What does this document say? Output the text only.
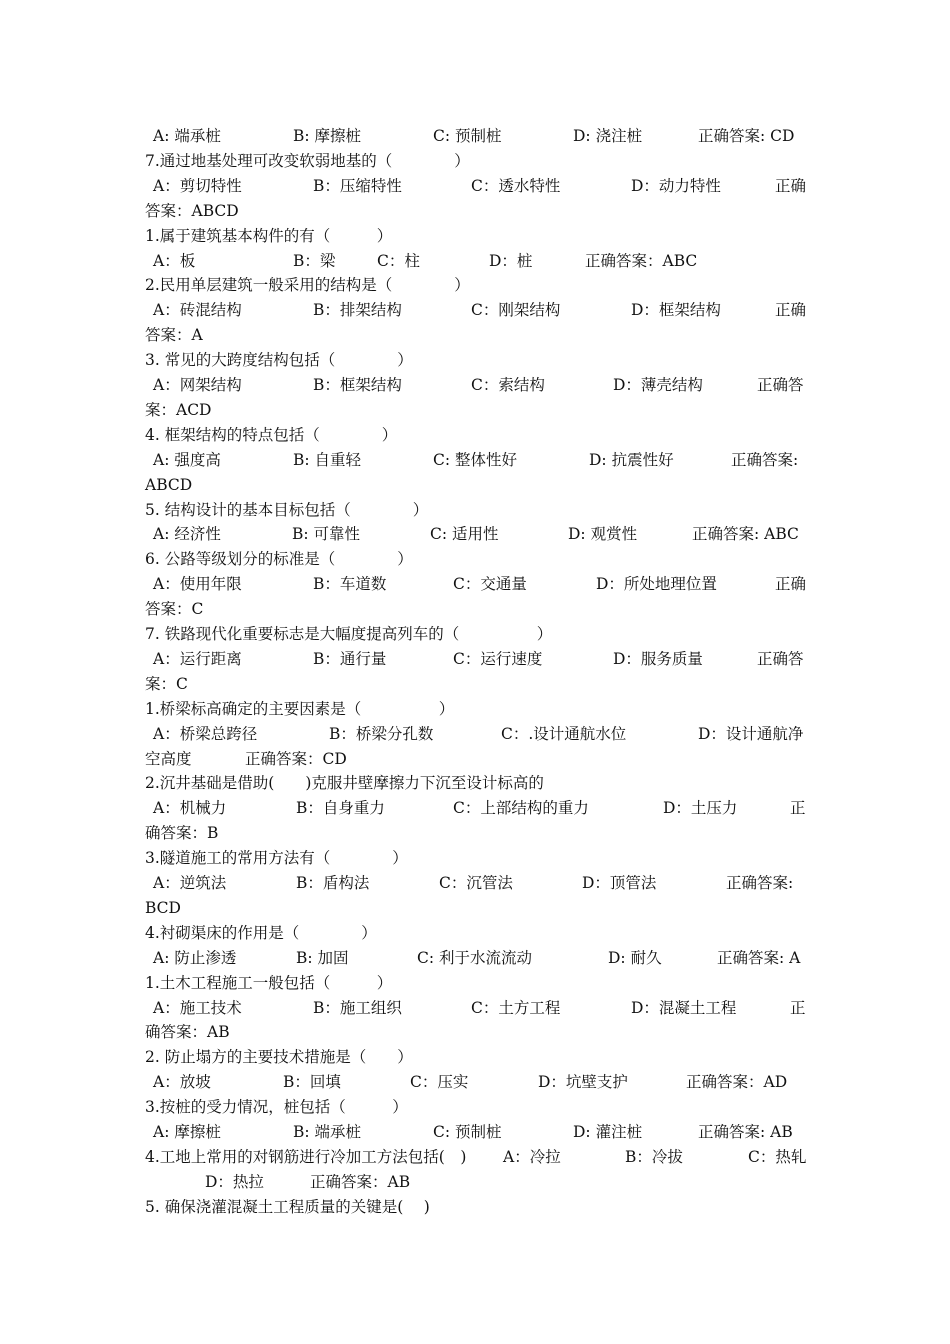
A: 端承桩	B: 摩擦桩	C: 预制桩	D: 浇注桩	正确答案: CD
7.通过地基处理可改变软弱地基的（　　　　）
A：剪切特性	B：压缩特性	C：透水特性	D：动力特性	正确
答案：ABCD
1.属于建筑基本构件的有（　　　）
A：板	B：梁	C：柱	D：桩	正确答案：ABC
2.民用单层建筑一般采用的结构是（　　　　）
A：砖混结构	B：排架结构	C：刚架结构	D：框架结构	正确
答案：A
3. 常见的大跨度结构包括（　　　　）
A：网架结构	B：框架结构	C：索结构	D：薄壳结构	正确答
案：ACD
4. 框架结构的特点包括（　　　　）
A: 强度高	B: 自重轻	C: 整体性好	D: 抗震性好	正确答案:
ABCD
5. 结构设计的基本目标包括（　　　　）
A: 经济性	B: 可靠性	C: 适用性	D: 观赏性	正确答案: ABC
6. 公路等级划分的标准是（　　　　）
A：使用年限	B：车道数	C：交通量	D：所处地理位置	正确
答案：C
7. 铁路现代化重要标志是大幅度提高列车的（　　　　　）
A：运行距离	B：通行量	C：运行速度	D：服务质量	正确答
案：C
1.桥梁标高确定的主要因素是（　　　　　）
A：桥梁总跨径	B：桥梁分孔数	C：.设计通航水位	D：设计通航净
空高度	正确答案：CD
2.沉井基础是借助(　　)克服井壁摩擦力下沉至设计标高的
A：机械力	B：自身重力	C：上部结构的重力	D：土压力	正
确答案：B
3.隧道施工的常用方法有（　　　　）
A：逆筑法	B：盾构法	C：沉管法	D：顶管法	正确答案:
BCD
4.衬砌渠床的作用是（　　　　）
A: 防止渗透	B: 加固	C: 利于水流流动	D: 耐久	正确答案: A
1.土木工程施工一般包括（　　　）
A：施工技术	B：施工组织	C：土方工程	D：混凝土工程	正
确答案：AB
2. 防止塌方的主要技术措施是（　　）
A：放坡	B：回填	C：压实	D：坑壁支护	正确答案：AD
3.按桩的受力情况，桩包括（　　　）
A: 摩擦桩	B: 端承桩	C: 预制桩	D: 灌注桩	正确答案: AB
4.工地上常用的对钢筋进行冷加工方法包括(　) A：冷拉	B：冷拔	C：热轧
D：热拉	正确答案：AB
5. 确保浇灌混凝土工程质量的关键是(　 )
